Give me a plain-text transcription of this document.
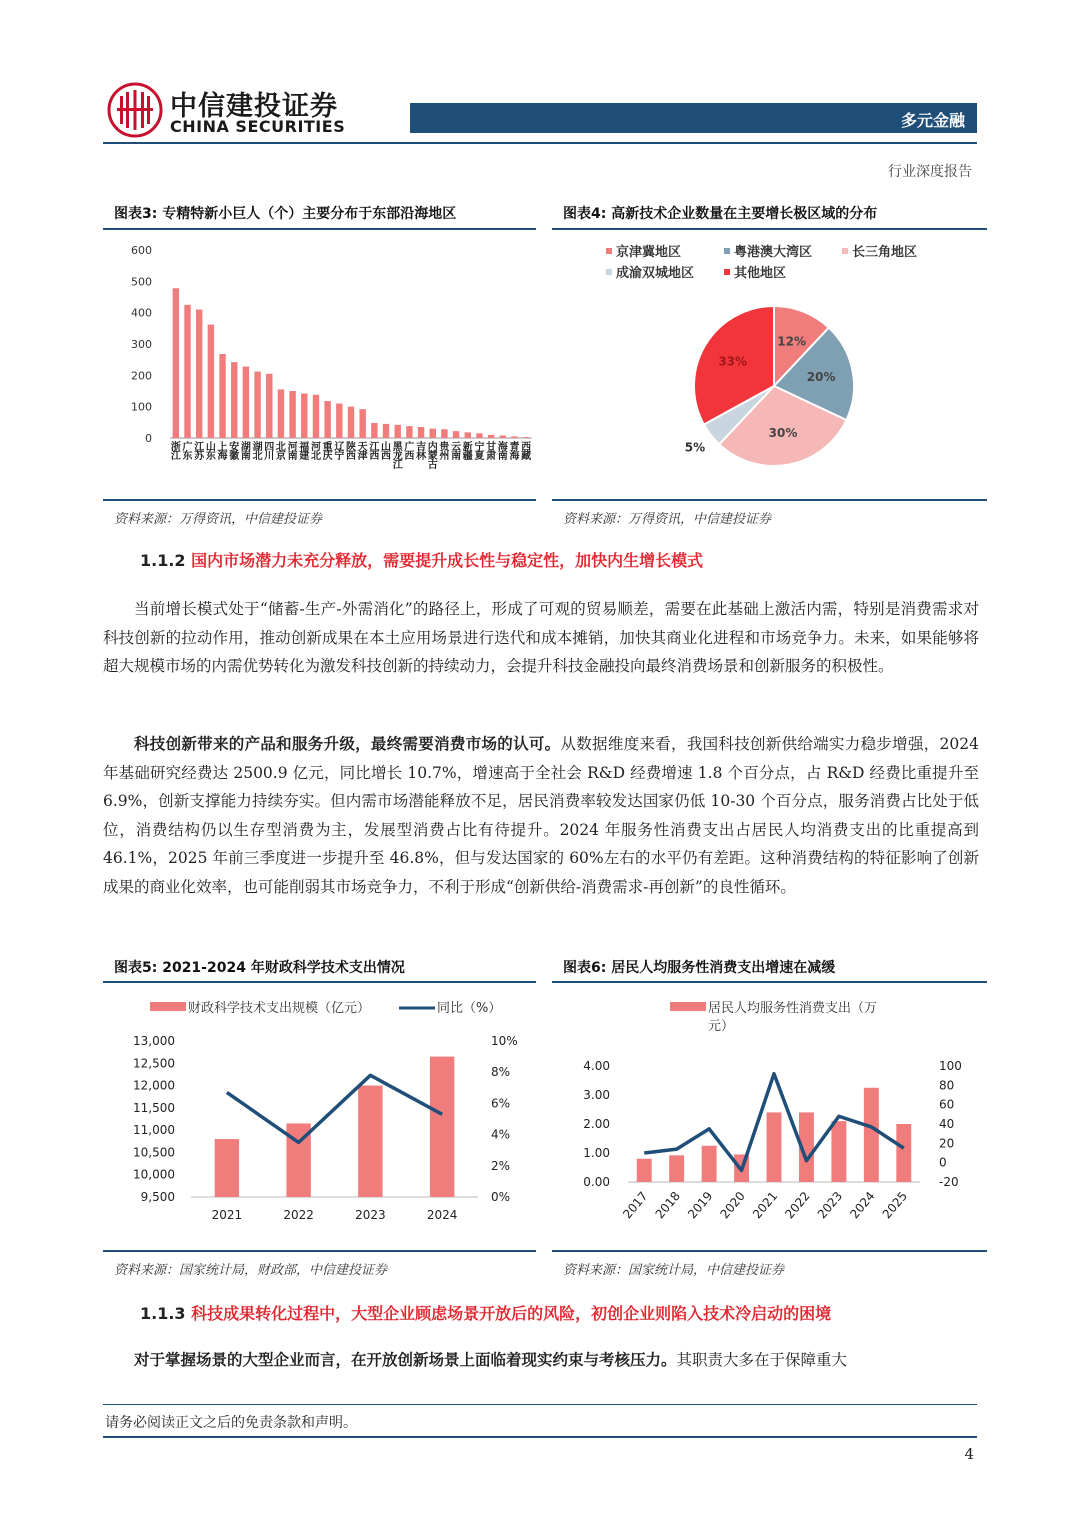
中信建投证券
CHINA SECURITIES	多元金融
行业深度报告
图表3: 专精特新小巨人（个）主要分布于东部沿海地区	图表4: 高新技术企业数量在主要增长极区域的分布
600
500
400
300
200
100
0
浙江
广东
江苏
山东
上海
安徽
湖南
湖北
四川
北京
河南
福建
河北
重庆
辽宁
陕西
天津
江西
山西
黑龙江
广西
吉林
内蒙古
贵州
云南
新疆
宁夏
甘肃
海南
青海
西藏
京津冀地区	粤港澳大湾区	长三角地区
成渝双城地区	其他地区
12%
20%
30%
5%
33%
资料来源：万得资讯，中信建投证券	资料来源：万得资讯，中信建投证券
1.1.2 国内市场潜力未充分释放，需要提升成长性与稳定性，加快内生增长模式
当前增长模式处于“储蓄-生产-外需消化”的路径上，形成了可观的贸易顺差，需要在此基础上激活内需，特别是消费需求对科技创新的拉动作用，推动创新成果在本土应用场景进行迭代和成本摊销，加快其商业化进程和市场竞争力。未来，如果能够将超大规模市场的内需优势转化为激发科技创新的持续动力，会提升科技金融投向最终消费场景和创新服务的积极性。
科技创新带来的产品和服务升级，最终需要消费市场的认可。从数据维度来看，我国科技创新供给端实力稳步增强，2024 年基础研究经费达 2500.9 亿元，同比增长 10.7%，增速高于全社会 R&D 经费增速 1.8 个百分点，占 R&D 经费比重提升至 6.9%，创新支撑能力持续夯实。但内需市场潜能释放不足，居民消费率较发达国家仍低 10-30 个百分点，服务消费占比处于低位，消费结构仍以生存型消费为主，发展型消费占比有待提升。2024 年服务性消费支出占居民人均消费支出的比重提高到 46.1%，2025 年前三季度进一步提升至 46.8%，但与发达国家的 60%左右的水平仍有差距。这种消费结构的特征影响了创新成果的商业化效率，也可能削弱其市场竞争力，不利于形成“创新供给-消费需求-再创新”的良性循环。
图表5: 2021-2024 年财政科学技术支出情况	图表6: 居民人均服务性消费支出增速在减缓
财政科学技术支出规模（亿元）	同比（%）
13,000
12,500
12,000
11,500
11,000
10,500
10,000
9,500
10%
8%
6%
4%
2%
0%
2021	2022	2023	2024
居民人均服务性消费支出（万
元）
4.00
3.00
2.00
1.00
0.00
100
80
60
40
20
0
-20
2017 2018 2019 2020 2021 2022 2023 2024 2025
资料来源：国家统计局，财政部，中信建投证券	资料来源：国家统计局，中信建投证券
1.1.3 科技成果转化过程中，大型企业顾虑场景开放后的风险，初创企业则陷入技术冷启动的困境
对于掌握场景的大型企业而言，在开放创新场景上面临着现实约束与考核压力。其职责大多在于保障重大
请务必阅读正文之后的免责条款和声明。
4
